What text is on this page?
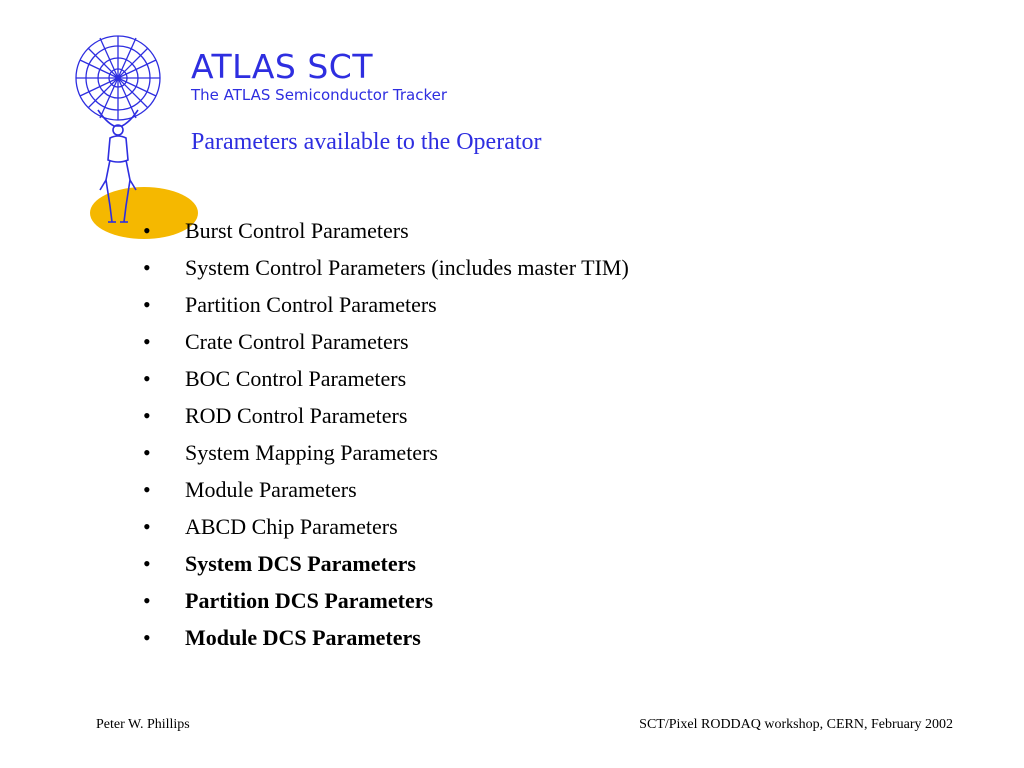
ATLAS SCT
The ATLAS Semiconductor Tracker
Parameters available to the Operator
•	Burst Control Parameters
•	System Control Parameters (includes master TIM)
•	Partition Control Parameters
•	Crate Control Parameters
•	BOC Control Parameters
•	ROD Control Parameters
•	System Mapping Parameters
•	Module Parameters
•	ABCD Chip Parameters
•	System DCS Parameters
•	Partition DCS Parameters
•	Module DCS Parameters
Peter W. Phillips	SCT/Pixel RODDAQ workshop, CERN, February 2002
